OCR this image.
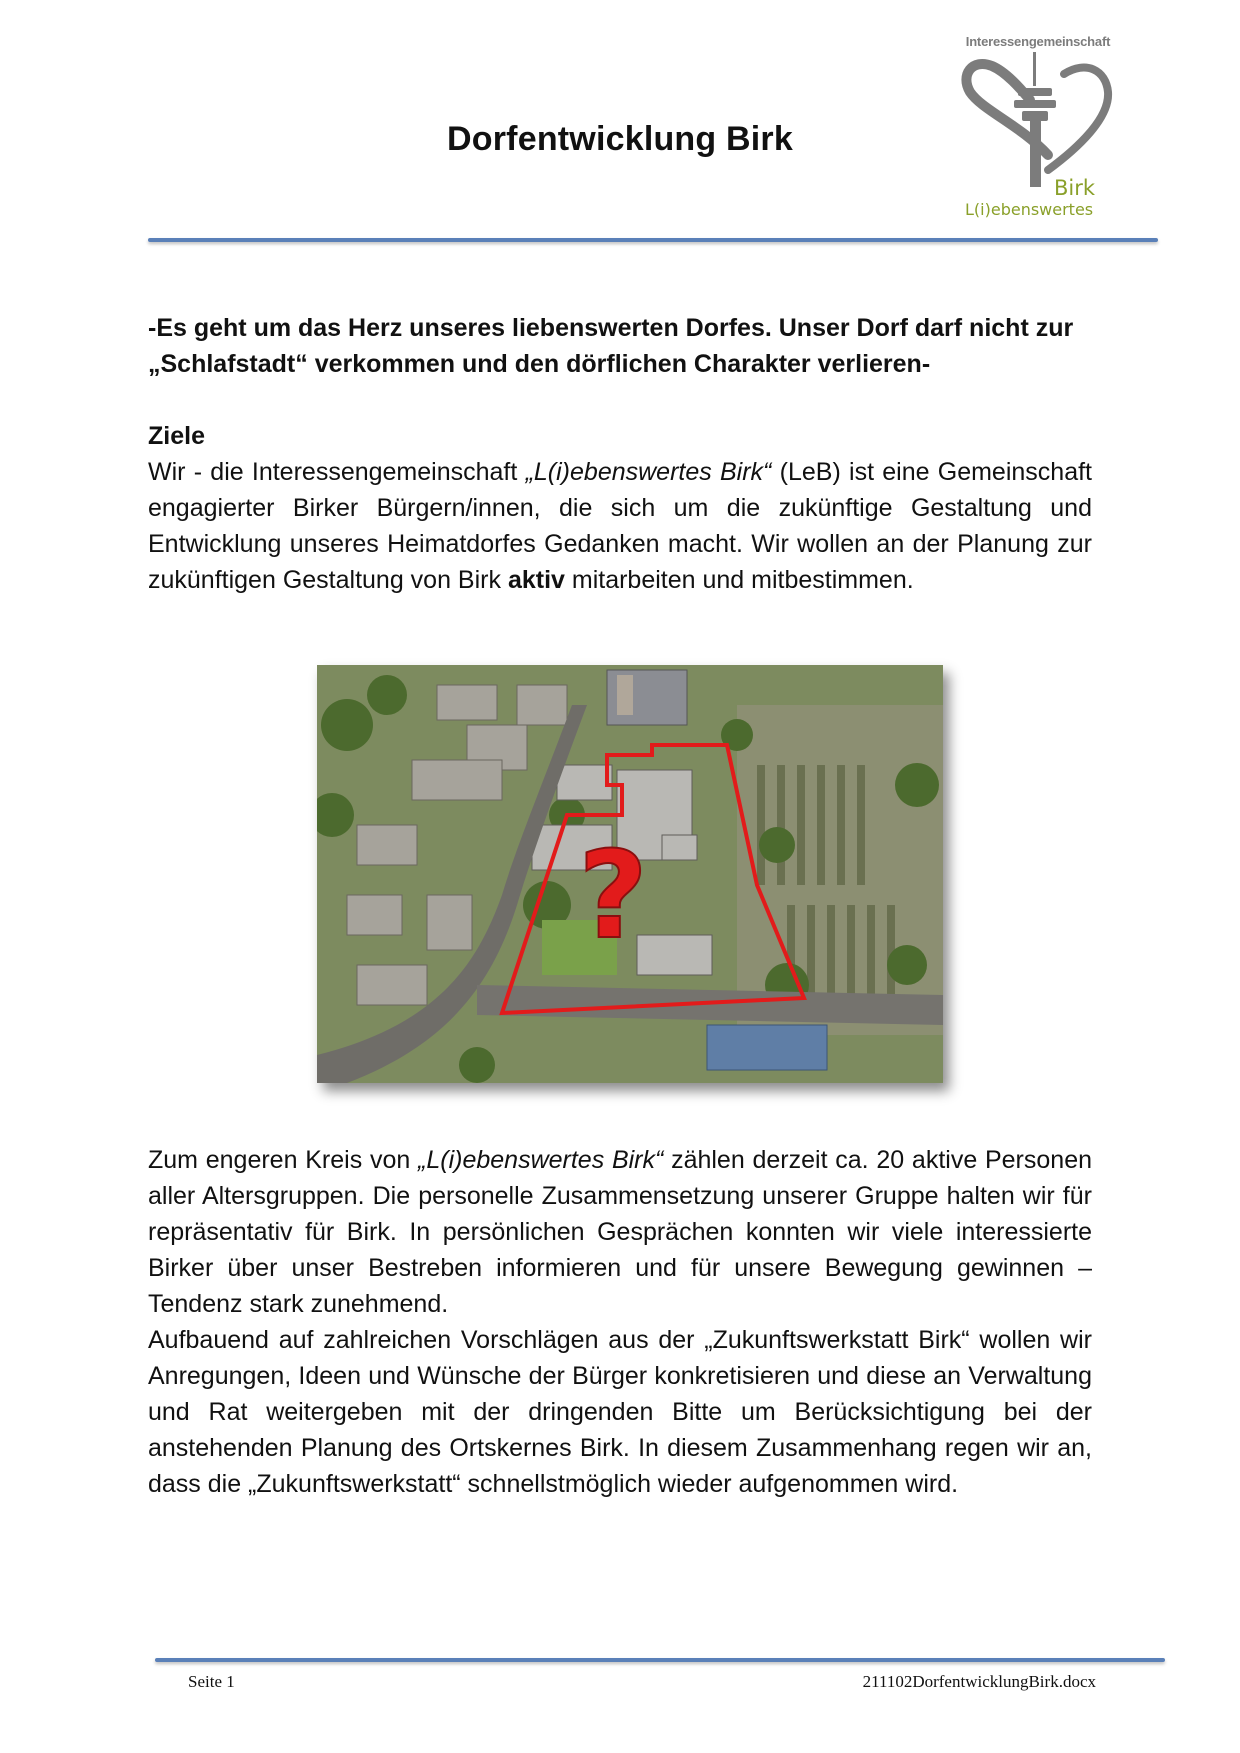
Dorfentwicklung Birk
Interessengemeinschaft
Birk
L(i)ebenswertes
-Es geht um das Herz unseres liebenswerten Dorfes. Unser Dorf darf nicht zur
„Schlafstadt“ verkommen und den dörflichen Charakter verlieren-
Ziele
Wir - die Interessengemeinschaft „L(i)ebenswertes Birk“ (LeB) ist eine Gemeinschaft engagierter Birker Bürgern/innen, die sich um die zukünftige Gestaltung und Entwicklung unseres Heimatdorfes Gedanken macht. Wir wollen an der Planung zur zukünftigen Gestaltung von Birk aktiv mitarbeiten und mitbestimmen.
?
Zum engeren Kreis von „L(i)ebenswertes Birk“ zählen derzeit ca. 20 aktive Personen aller Altersgruppen. Die personelle Zusammensetzung unserer Gruppe halten wir für repräsentativ für Birk. In persönlichen Gesprächen konnten wir viele interessierte Birker über unser Bestreben informieren und für unsere Bewegung gewinnen – Tendenz stark zunehmend.
Aufbauend auf zahlreichen Vorschlägen aus der „Zukunftswerkstatt Birk“ wollen wir Anregungen, Ideen und Wünsche der Bürger konkretisieren und diese an Verwaltung und Rat weitergeben mit der dringenden Bitte um Berücksichtigung bei der anstehenden Planung des Ortskernes Birk. In diesem Zusammenhang regen wir an, dass die „Zukunftswerkstatt“ schnellstmöglich wieder aufgenommen wird.
Seite 1	211102DorfentwicklungBirk.docx
